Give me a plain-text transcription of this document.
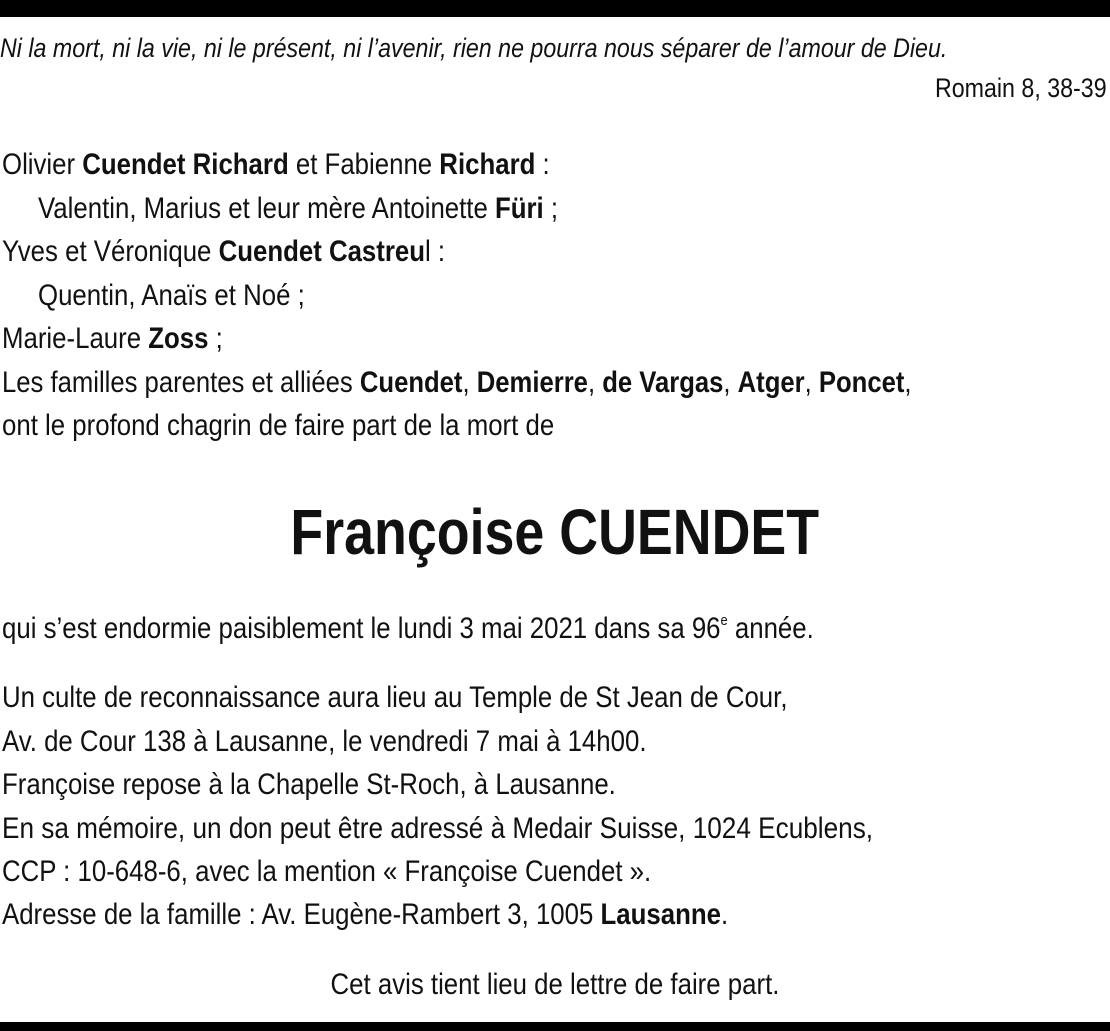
Ni la mort, ni la vie, ni le présent, ni l’avenir, rien ne pourra nous séparer de l’amour de Dieu.
Romain 8, 38-39
Olivier Cuendet Richard et Fabienne Richard :
Valentin, Marius et leur mère Antoinette Füri ;
Yves et Véronique Cuendet Castreul :
Quentin, Anaïs et Noé ;
Marie-Laure Zoss ;
Les familles parentes et alliées Cuendet, Demierre, de Vargas, Atger, Poncet,
ont le profond chagrin de faire part de la mort de
Françoise CUENDET
qui s’est endormie paisiblement le lundi 3 mai 2021 dans sa 96e année.
Un culte de reconnaissance aura lieu au Temple de St Jean de Cour,
Av. de Cour 138 à Lausanne, le vendredi 7 mai à 14h00.
Françoise repose à la Chapelle St-Roch, à Lausanne.
En sa mémoire, un don peut être adressé à Medair Suisse, 1024 Ecublens,
CCP : 10-648-6, avec la mention « Françoise Cuendet ».
Adresse de la famille : Av. Eugène-Rambert 3, 1005 Lausanne.
Cet avis tient lieu de lettre de faire part.
